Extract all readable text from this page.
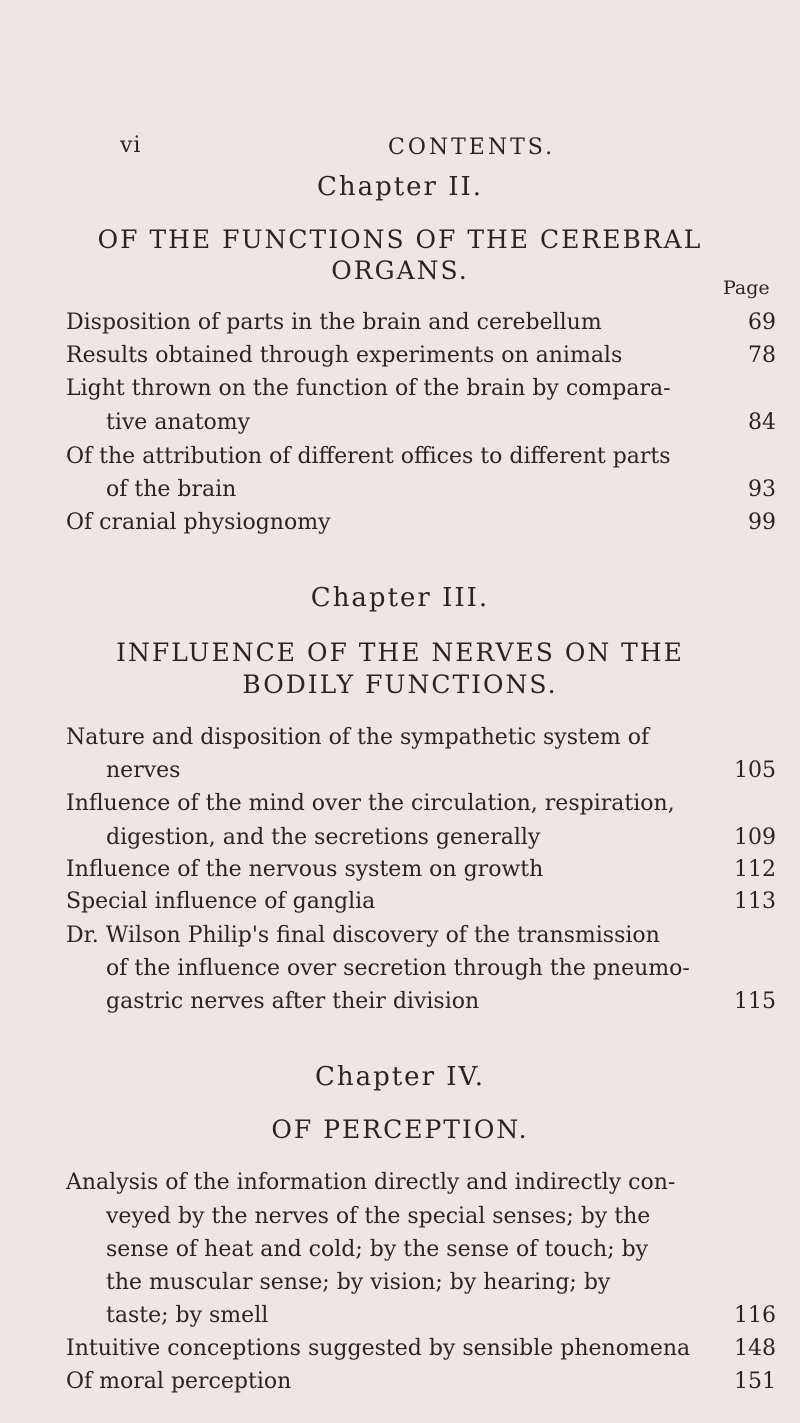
vi	CONTENTS.
Chapter II.
OF THE FUNCTIONS OF THE CEREBRAL
ORGANS.
Page
Disposition of parts in the brain and cerebellum	69
Results obtained through experiments on animals	78
Light thrown on the function of the brain by compara-
tive anatomy	84
Of the attribution of different offices to different parts
of the brain	93
Of cranial physiognomy	99
Chapter III.
INFLUENCE OF THE NERVES ON THE
BODILY FUNCTIONS.
Nature and disposition of the sympathetic system of
nerves	105
Influence of the mind over the circulation, respiration,
digestion, and the secretions generally	109
Influence of the nervous system on growth	112
Special influence of ganglia	113
Dr. Wilson Philip's final discovery of the transmission
of the influence over secretion through the pneumo-
gastric nerves after their division	115
Chapter IV.
OF PERCEPTION.
Analysis of the information directly and indirectly con-
veyed by the nerves of the special senses; by the
sense of heat and cold; by the sense of touch; by
the muscular sense; by vision; by hearing; by
taste; by smell	116
Intuitive conceptions suggested by sensible phenomena 148
Of moral perception	151
